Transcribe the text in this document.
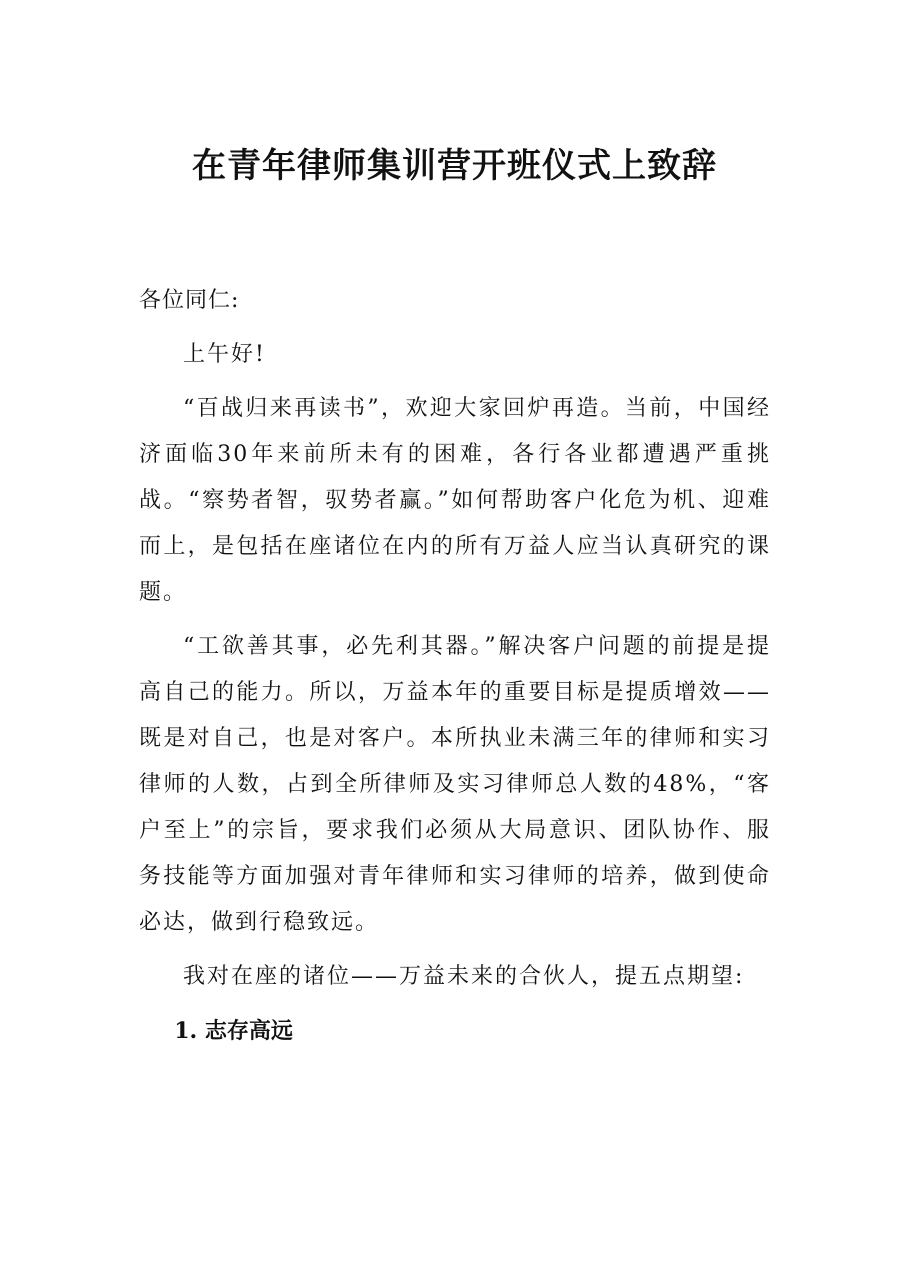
在青年律师集训营开班仪式上致辞

各位同仁:

上午好!

“百战归来再读书”，欢迎大家回炉再造。当前，中国经济面临30年来前所未有的困难，各行各业都遭遇严重挑战。“察势者智，驭势者赢。”如何帮助客户化危为机、迎难而上，是包括在座诸位在内的所有万益人应当认真研究的课题。

“工欲善其事，必先利其器。”解决客户问题的前提是提高自己的能力。所以，万益本年的重要目标是提质增效——既是对自己，也是对客户。本所执业未满三年的律师和实习律师的人数，占到全所律师及实习律师总人数的48%，“客户至上”的宗旨，要求我们必须从大局意识、团队协作、服务技能等方面加强对青年律师和实习律师的培养，做到使命必达，做到行稳致远。

我对在座的诸位——万益未来的合伙人，提五点期望:

1. 志存高远
